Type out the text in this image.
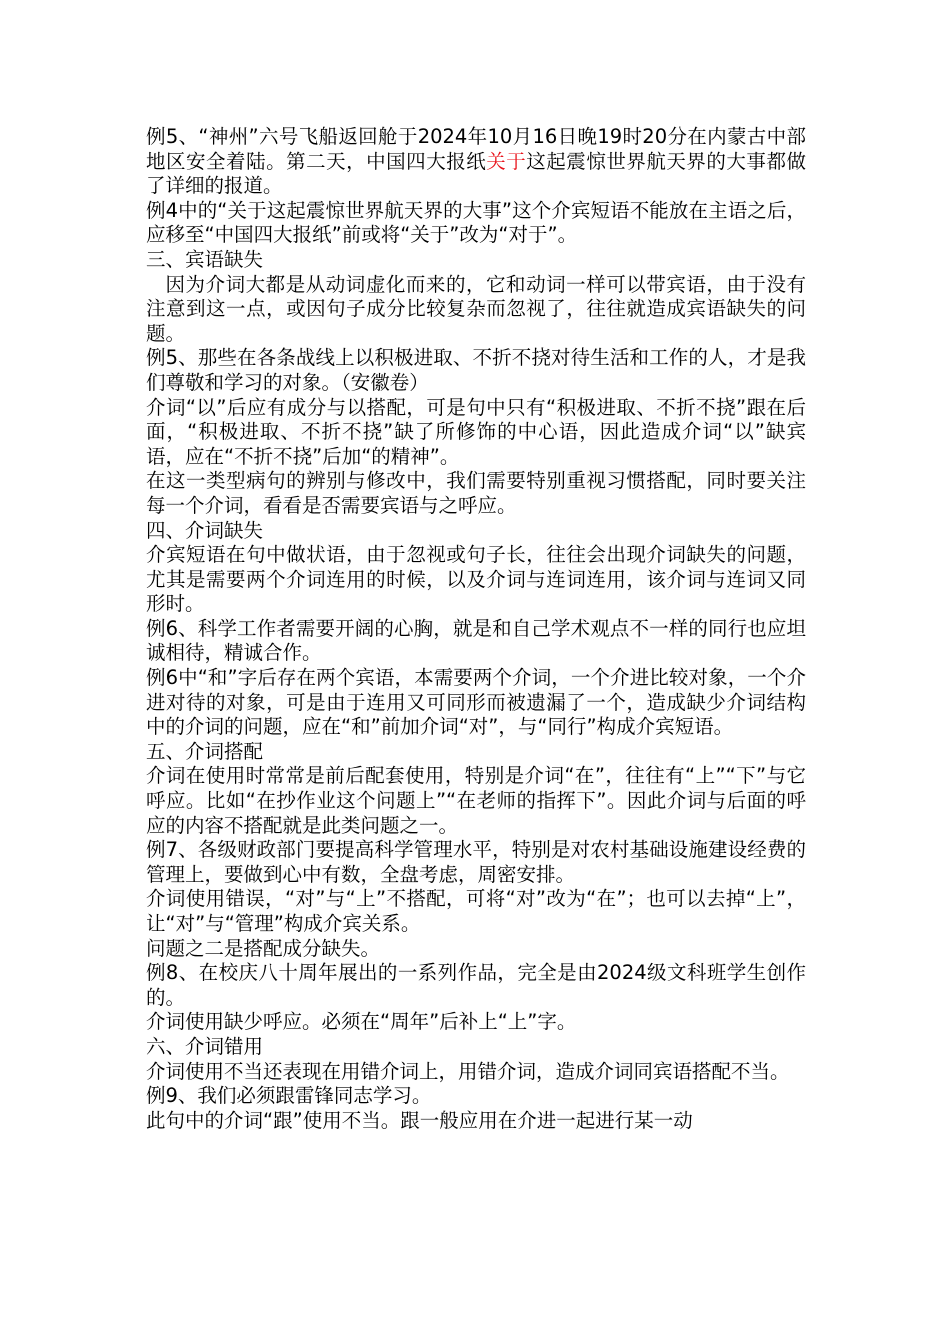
例5、“神州”六号飞船返回舱于2024年10月16日晚19时20分在内蒙古中部地区安全着陆。第二天，中国四大报纸关于这起震惊世界航天界的大事都做了详细的报道。
例4中的“关于这起震惊世界航天界的大事”这个介宾短语不能放在主语之后，应移至“中国四大报纸”前或将“关于”改为“对于”。
三、宾语缺失
因为介词大都是从动词虚化而来的，它和动词一样可以带宾语，由于没有注意到这一点，或因句子成分比较复杂而忽视了，往往就造成宾语缺失的问题。
例5、那些在各条战线上以积极进取、不折不挠对待生活和工作的人，才是我们尊敬和学习的对象。（安徽卷）
介词“以”后应有成分与以搭配，可是句中只有“积极进取、不折不挠”跟在后面，“积极进取、不折不挠”缺了所修饰的中心语，因此造成介词“以”缺宾语，应在“不折不挠”后加“的精神”。
在这一类型病句的辨别与修改中，我们需要特别重视习惯搭配，同时要关注每一个介词，看看是否需要宾语与之呼应。
四、介词缺失
介宾短语在句中做状语，由于忽视或句子长，往往会出现介词缺失的问题，尤其是需要两个介词连用的时候，以及介词与连词连用，该介词与连词又同形时。
例6、科学工作者需要开阔的心胸，就是和自己学术观点不一样的同行也应坦诚相待，精诚合作。
例6中“和”字后存在两个宾语，本需要两个介词，一个介进比较对象，一个介进对待的对象，可是由于连用又可同形而被遗漏了一个，造成缺少介词结构中的介词的问题，应在“和”前加介词“对”，与“同行”构成介宾短语。
五、介词搭配
介词在使用时常常是前后配套使用，特别是介词“在”，往往有“上”“下”与它呼应。比如“在抄作业这个问题上”“在老师的指挥下”。因此介词与后面的呼应的内容不搭配就是此类问题之一。
例7、各级财政部门要提高科学管理水平，特别是对农村基础设施建设经费的管理上，要做到心中有数，全盘考虑，周密安排。
介词使用错误，“对”与“上”不搭配，可将“对”改为“在”；也可以去掉“上”，让“对”与“管理”构成介宾关系。
问题之二是搭配成分缺失。
例8、在校庆八十周年展出的一系列作品，完全是由2024级文科班学生创作的。
介词使用缺少呼应。必须在“周年”后补上“上”字。
六、介词错用
介词使用不当还表现在用错介词上，用错介词，造成介词同宾语搭配不当。
例9、我们必须跟雷锋同志学习。
此句中的介词“跟”使用不当。跟一般应用在介进一起进行某一动
